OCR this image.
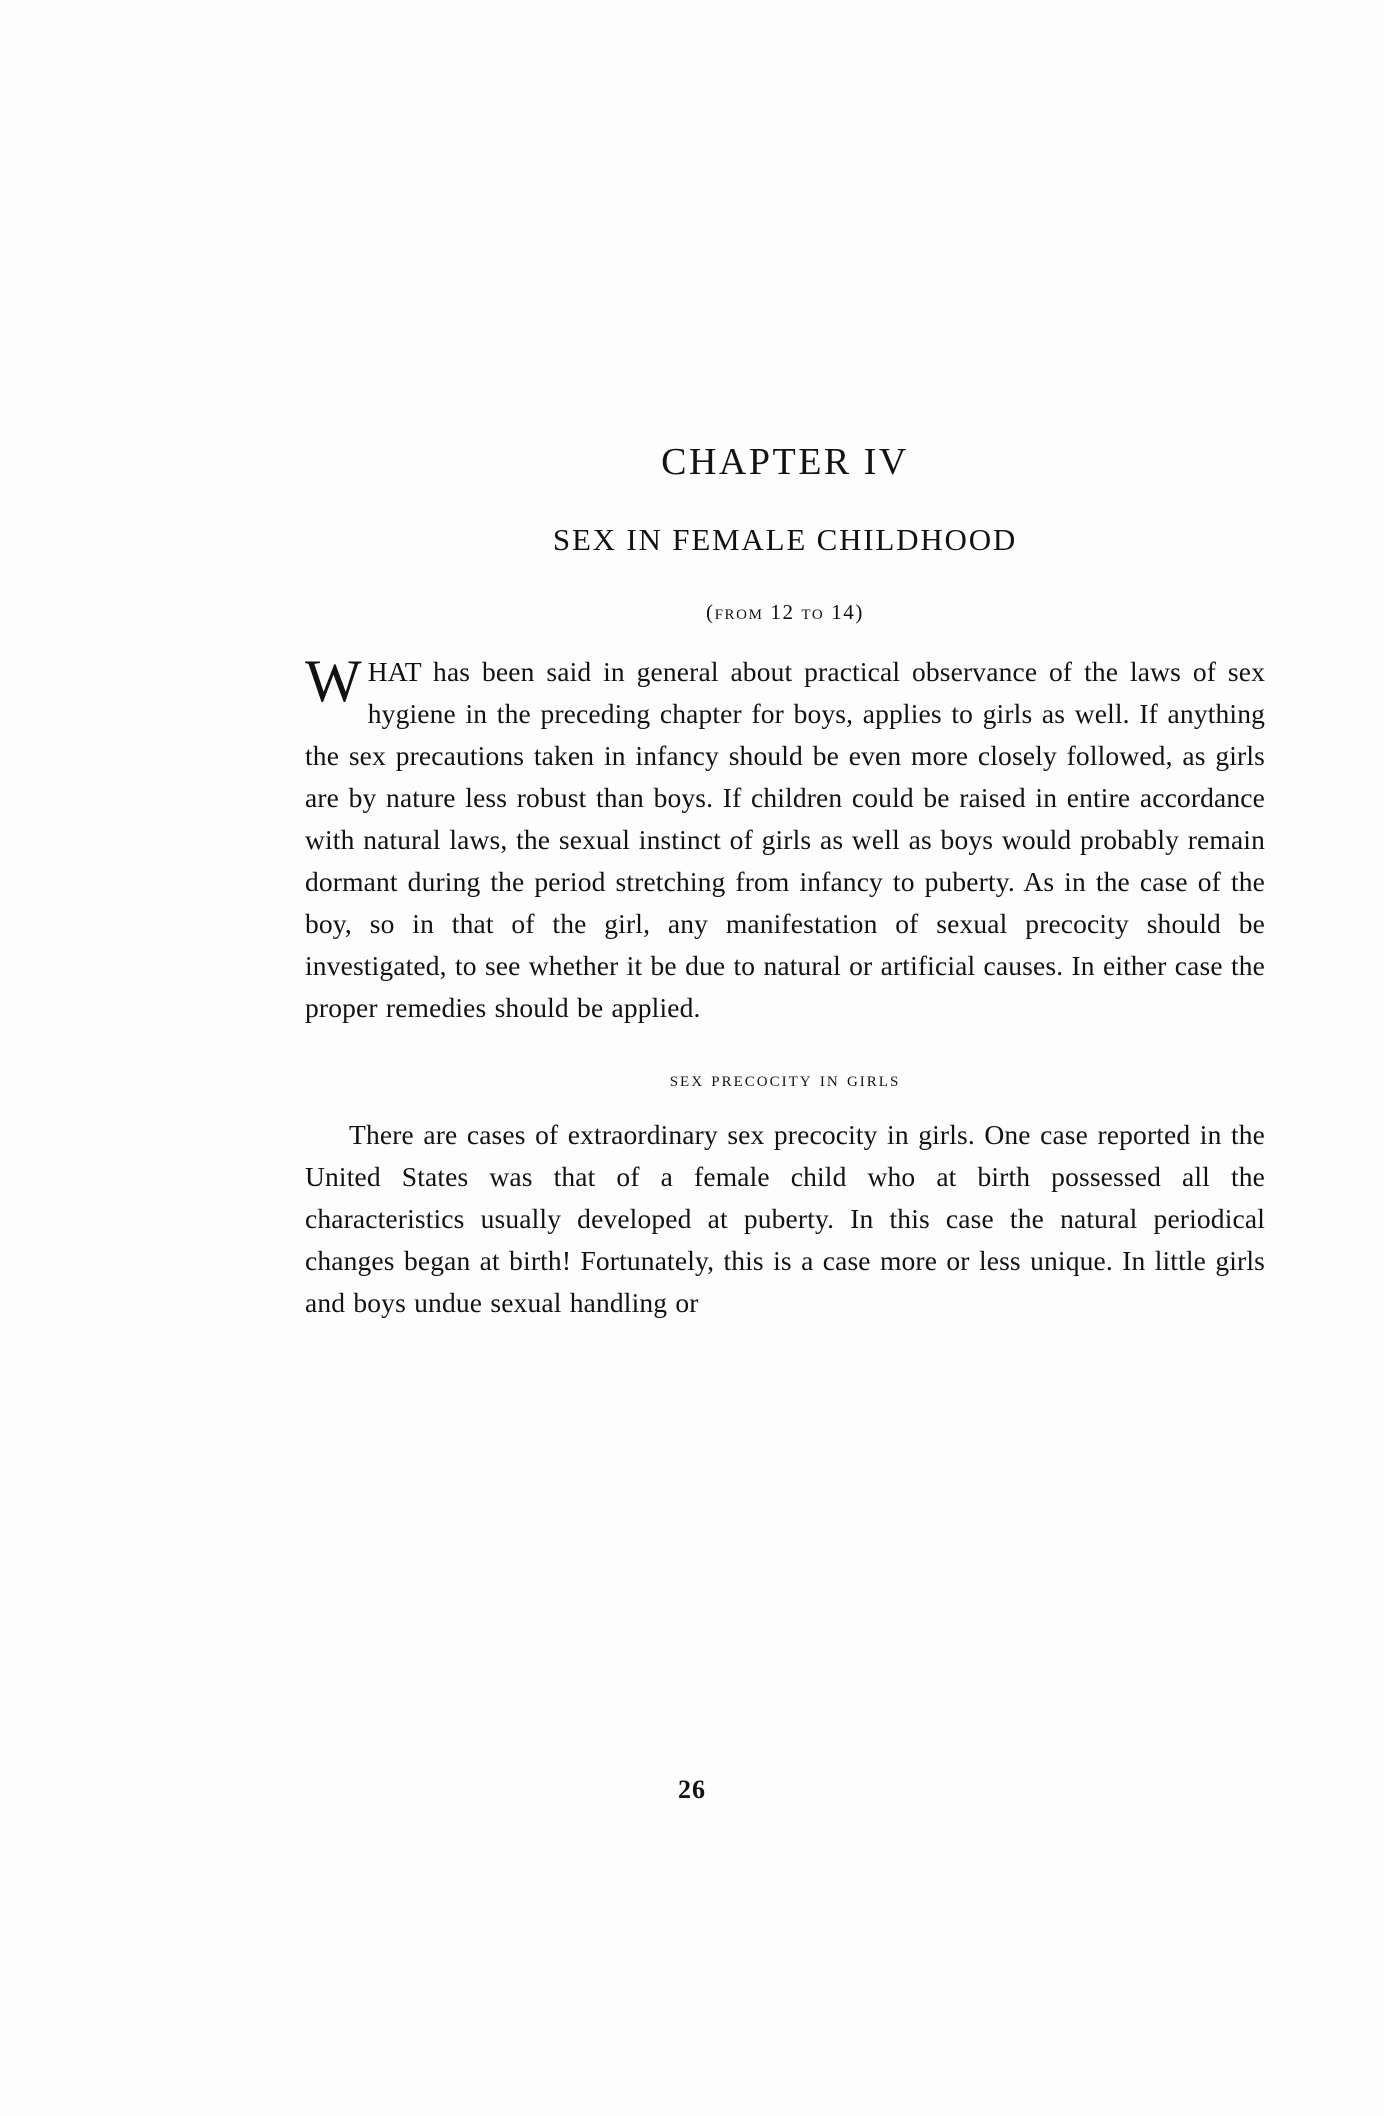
CHAPTER IV
SEX IN FEMALE CHILDHOOD
(from 12 to 14)
WHAT has been said in general about practical observance of the laws of sex hygiene in the preceding chapter for boys, applies to girls as well. If anything the sex precautions taken in infancy should be even more closely followed, as girls are by nature less robust than boys. If children could be raised in entire accordance with natural laws, the sexual instinct of girls as well as boys would probably remain dormant during the period stretching from infancy to puberty. As in the case of the boy, so in that of the girl, any manifestation of sexual precocity should be investigated, to see whether it be due to natural or artificial causes. In either case the proper remedies should be applied.
sex precocity in girls

There are cases of extraordinary sex precocity in girls. One case reported in the United States was that of a female child who at birth possessed all the characteristics usually developed at puberty. In this case the natural periodical changes began at birth! Fortunately, this is a case more or less unique. In little girls and boys undue sexual handling or

26
